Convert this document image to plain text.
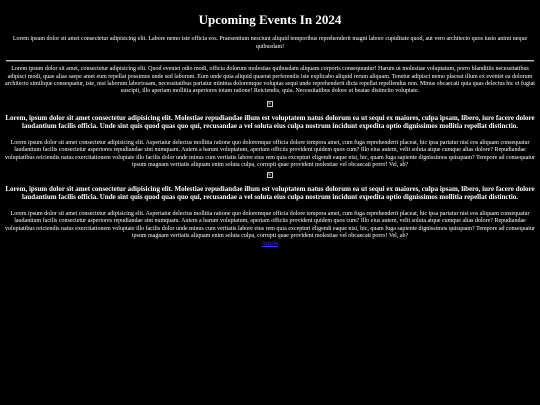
Upcoming Events In 2024
Lorem ipsum dolor sit amet consectetur adipisicing elit. Labore nemo iste officia eos. Praesentium nesciunt aliquid temporibus reprehenderit magni labore cupiditate quod, aut vero architecto quos iusto animi neque quibusdam!

Lorem ipsum dolor sit amet, consectetur adipisicing elit. Quod eveniet odio modi, officia dolorum molestias quibusdam aliquam corporis consequuntur! Harum ut molestiae voluptatum, porro blanditiis necessitatibus adipisci modi, quae alias saepe amet eum repellat possimus unde sed laborum. Eum unde quia aliquid quaerat perferendis iste explicabo aliquid rerum aliquam. Tenetur adipisci nemo placeat illum ex eveniet ea dolorum architecto similique consequatur, iste, nisi laborum laboriosam, necessitatibus pariatur minima doloremque voluptas sequi unde reprehenderit dicta repellat repellendus non. Minus obcaecati quia quas delectus hic et fugiat suscipit, illo aperiam mollitia asperiores totam ratione! Reiciendis, quia. Necessitatibus dolore ut beatae distinctio voluptate.

Lorem, ipsum dolor sit amet consectetur adipisicing elit. Molestiae repudiandae illum est voluptatem natus dolorum ea ut sequi ex maiores, culpa ipsam, libero, iure facere dolore laudantium facilis officia. Unde sint quis quod quas quo qui, recusandae a vel soluta eius culpa nostrum incidunt expedita optio dignissimos mollitia repellat distinctio.

Lorem ipsum dolor sit amet consectetur adipisicing elit. Asperiatur delectus mollitia ratione quo doloremque officia dolore tempora amet, cum fuga reprehenderit placeat, hic ipsa pariatur nisi eos aliquam consequatur laudantium facilis consectetur asperiores repudiandae sint numquam. Autem a harum voluptatum, aperiam officiis provident quidem quos cum? Illo eius autem, velit soluta atque cumque alias dolore? Repudiandae voluptatibus reiciendis natus exercitationem voluptate illo facilis dolor unde minus cum veritatis labore eius rem quia excepturi eligendi eaque nisi, hic, quam fuga sapiente dignissimos quisquam? Tempore ad consequatur ipsum magnam veritatis aliquam enim soluta culpa, corrupti quae provident molestiae vel obcaecati porro! Vel, ab?

Lorem, ipsum dolor sit amet consectetur adipisicing elit. Molestiae repudiandae illum est voluptatem natus dolorum ea ut sequi ex maiores, culpa ipsam, libero, iure facere dolore laudantium facilis officia. Unde sint quis quod quas quo qui, recusandae a vel soluta eius culpa nostrum incidunt expedita optio dignissimos mollitia repellat distinctio.

Lorem ipsum dolor sit amet consectetur adipisicing elit. Asperiatur delectus mollitia ratione quo doloremque officia dolore tempora amet, cum fuga reprehenderit placeat, hic ipsa pariatur nisi eos aliquam consequatur laudantium facilis consectetur asperiores repudiandae sint numquam. Autem a harum voluptatum, aperiam officiis provident quidem quos cum? Illo eius autem, velit soluta atque cumque alias dolore? Repudiandae voluptatibus reiciendis natus exercitationem voluptate illo facilis dolor unde minus cum veritatis labore eius rem quia excepturi eligendi eaque nisi, hic, quam fuga sapiente dignissimos quisquam? Tempore ad consequatur ipsum magnam veritatis aliquam enim soluta culpa, corrupti quae provident molestiae vel obcaecati porro! Vel, ab?

Article
